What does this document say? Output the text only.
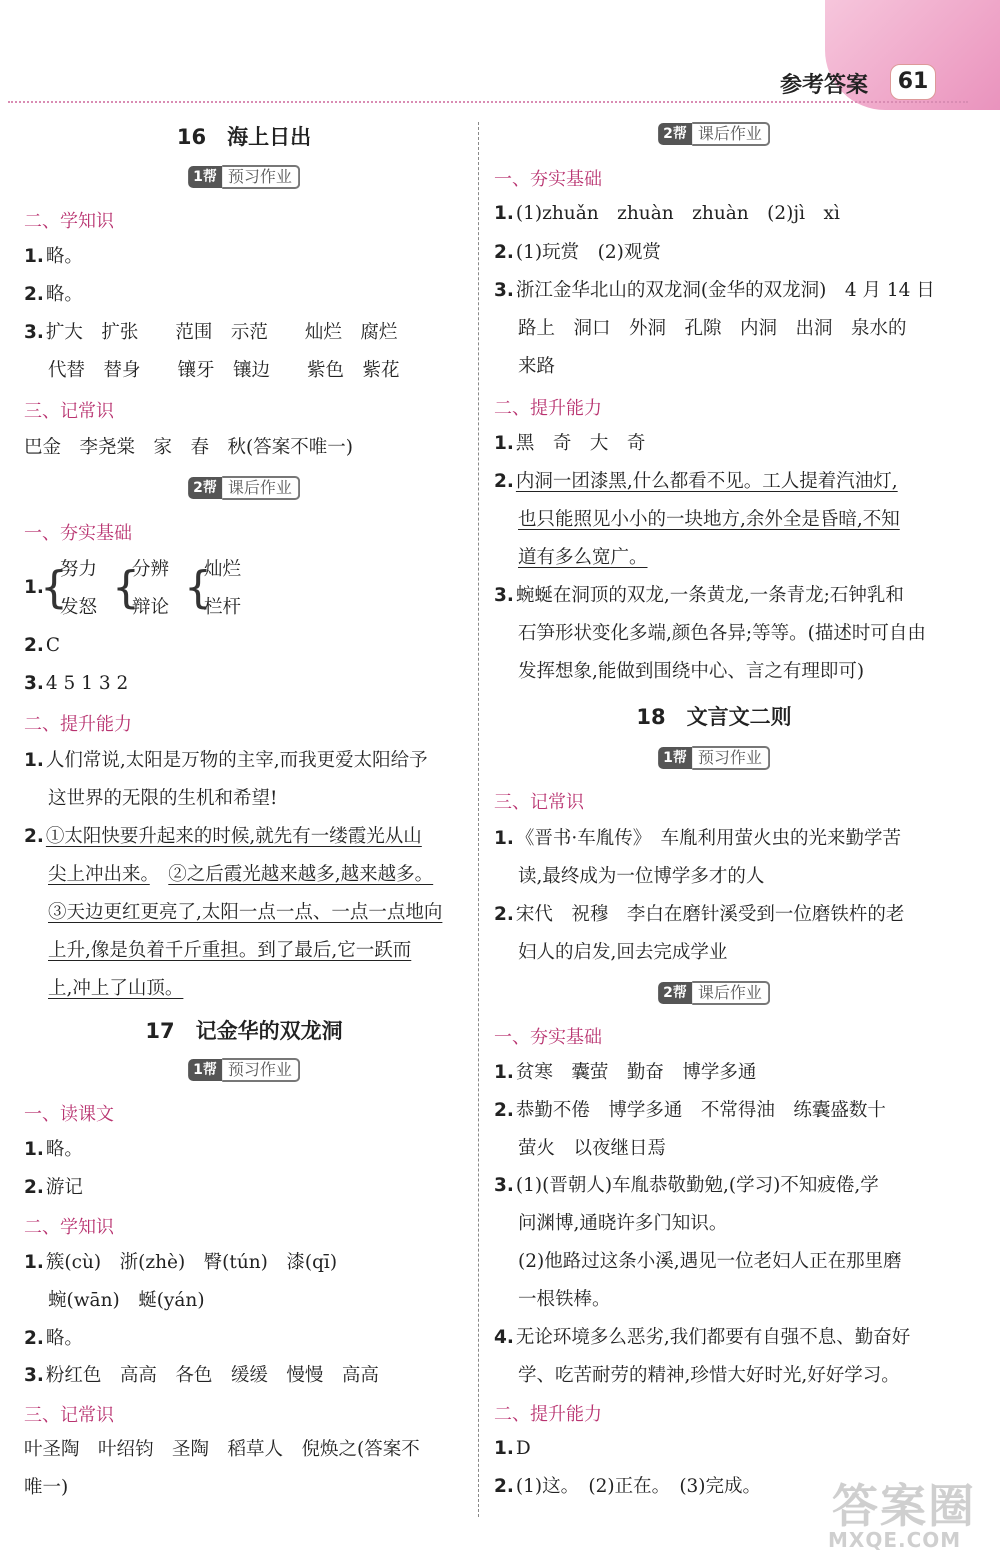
参考答案	61
16　海上日出
1帮 预习作业
二、学知识
1. 略。
2. 略。
3. 扩大　扩张　　范围　示范　　灿烂　腐烂
代替　替身　　镶牙　镶边　　紫色　紫花
三、记常识
巴金　李尧棠　家　春　秋(答案不唯一)
2帮 课后作业
一、夯实基础
1.
{
努力
发怒 {
分辨
辩论 {
灿烂
栏杆
2. C
3. 4 5 1 3 2
二、提升能力
1. 人们常说,太阳是万物的主宰,而我更爱太阳给予
这世界的无限的生机和希望!
2. ①太阳快要升起来的时候,就先有一缕霞光从山
尖上冲出来。　 ②之后霞光越来越多,越来越多。
③天边更红更亮了,太阳一点一点、一点一点地向
上升,像是负着千斤重担。到了最后,它一跃而
上,冲上了山顶。
17　记金华的双龙洞
1帮 预习作业
一、读课文
1. 略。
2. 游记
二、学知识
1. 簇(cù)　浙(zhè)　臀(tún)　漆(qī)
蜿(wān)　蜒(yán)
2. 略。
3. 粉红色　高高　各色　缓缓　慢慢　高高
三、记常识
叶圣陶　叶绍钧　圣陶　稻草人　倪焕之(答案不
唯一)
2帮 课后作业
一、夯实基础
1. (1)zhuǎn　zhuàn　zhuàn　(2)jì　xì
2. (1)玩赏　(2)观赏
3. 浙江金华北山的双龙洞(金华的双龙洞)　4 月 14 日
路上　洞口　外洞　孔隙　内洞　出洞　泉水的
来路
二、提升能力
1. 黑　奇　大　奇
2. 内洞一团漆黑,什么都看不见。工人提着汽油灯,
也只能照见小小的一块地方,余外全是昏暗,不知
道有多么宽广。
3. 蜿蜒在洞顶的双龙,一条黄龙,一条青龙;石钟乳和
石笋形状变化多端,颜色各异;等等。(描述时可自由
发挥想象,能做到围绕中心、言之有理即可)
18　文言文二则
1帮 预习作业
三、记常识
1. 《晋书·车胤传》　车胤利用萤火虫的光来勤学苦
读,最终成为一位博学多才的人
2. 宋代　祝穆　李白在磨针溪受到一位磨铁杵的老
妇人的启发,回去完成学业
2帮 课后作业
一、夯实基础
1. 贫寒　囊萤　勤奋　博学多通
2. 恭勤不倦　博学多通　不常得油　练囊盛数十
萤火　以夜继日焉
3. (1)(晋朝人)车胤恭敬勤勉,(学习)不知疲倦,学
问渊博,通晓许多门知识。
(2)他路过这条小溪,遇见一位老妇人正在那里磨
一根铁棒。
4. 无论环境多么恶劣,我们都要有自强不息、勤奋好
学、吃苦耐劳的精神,珍惜大好时光,好好学习。
二、提升能力
1. D
2. (1)这。　(2)正在。　(3)完成。 答案圈
MXQE.COM
